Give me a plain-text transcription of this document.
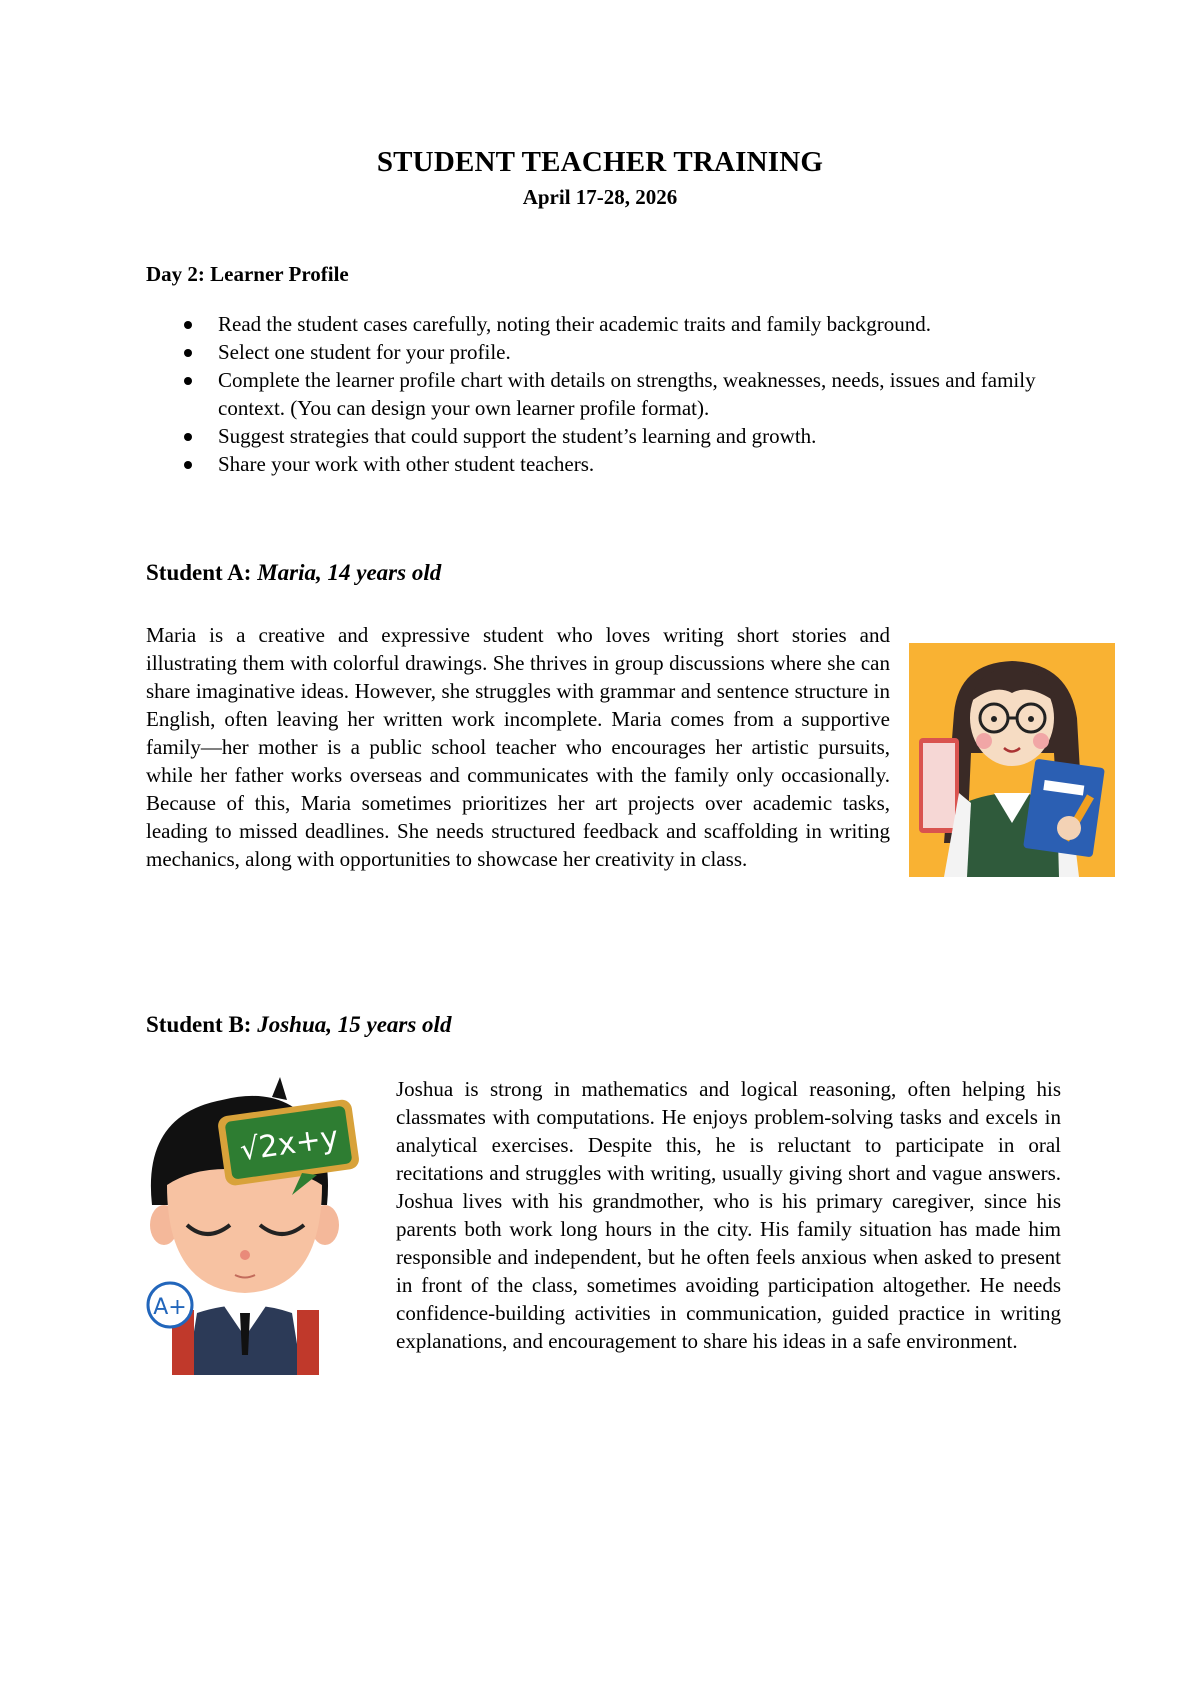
STUDENT TEACHER TRAINING
April 17-28, 2026
Day 2: Learner Profile
Read the student cases carefully, noting their academic traits and family background.
Select one student for your profile.
Complete the learner profile chart with details on strengths, weaknesses, needs, issues and family context. (You can design your own learner profile format).
Suggest strategies that could support the student’s learning and growth.
Share your work with other student teachers.
Student A: Maria, 14 years old

Maria is a creative and expressive student who loves writing short stories and illustrating them with colorful drawings. She thrives in group discussions where she can share imaginative ideas. However, she struggles with grammar and sentence structure in English, often leaving her written work incomplete. Maria comes from a supportive family—her mother is a public school teacher who encourages her artistic pursuits, while her father works overseas and communicates with the family only occasionally. Because of this, Maria sometimes prioritizes her art projects over academic tasks, leading to missed deadlines. She needs structured feedback and scaffolding in writing mechanics, along with opportunities to showcase her creativity in class.

Student B: Joshua, 15 years old
√2x+y
A+

Joshua is strong in mathematics and logical reasoning, often helping his classmates with computations. He enjoys problem-solving tasks and excels in analytical exercises. Despite this, he is reluctant to participate in oral recitations and struggles with writing, usually giving short and vague answers. Joshua lives with his grandmother, who is his primary caregiver, since his parents both work long hours in the city. His family situation has made him responsible and independent, but he often feels anxious when asked to present in front of the class, sometimes avoiding participation altogether. He needs confidence-building activities in communication, guided practice in writing explanations, and encouragement to share his ideas in a safe environment.
